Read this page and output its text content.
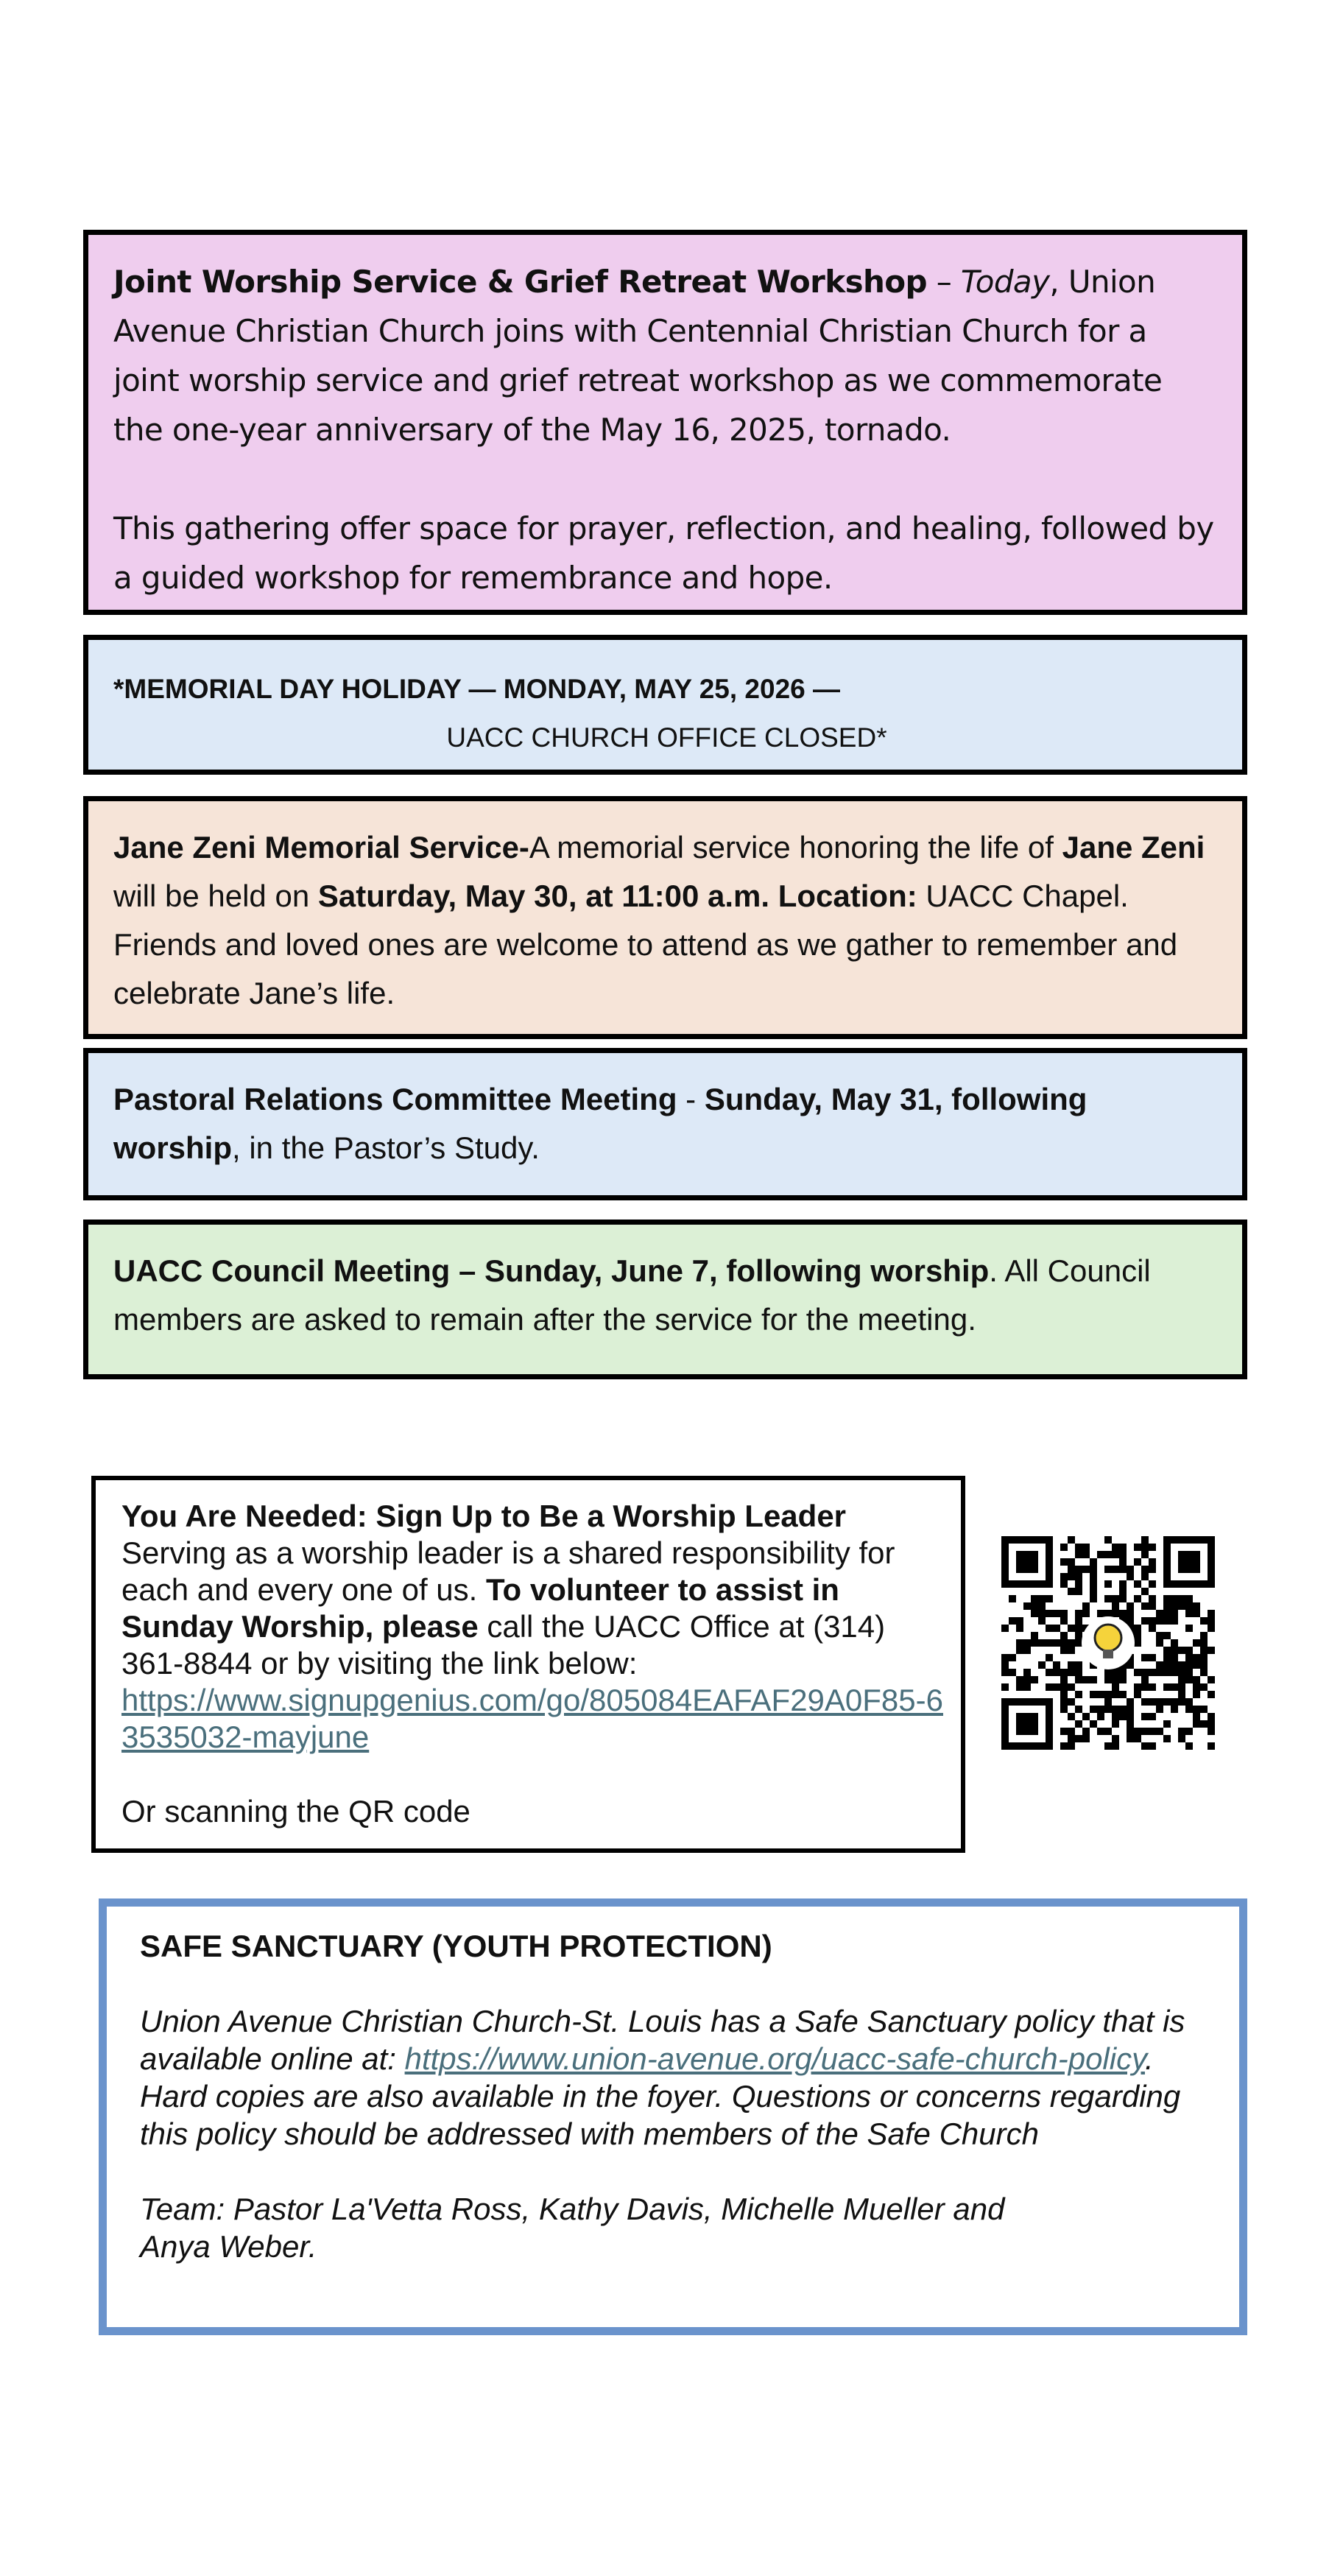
Joint Worship Service & Grief Retreat Workshop – Today, Union Avenue Christian Church joins with Centennial Christian Church for a joint worship service and grief retreat workshop as we commemorate the one-year anniversary of the May 16, 2025, tornado.

This gathering offer space for prayer, reflection, and healing, followed by a guided workshop for remembrance and hope.

*MEMORIAL DAY HOLIDAY — MONDAY, MAY 25, 2026 —

UACC CHURCH OFFICE CLOSED*

Jane Zeni Memorial Service-A memorial service honoring the life of Jane Zeni will be held on Saturday, May 30, at 11:00 a.m. Location: UACC Chapel. Friends and loved ones are welcome to attend as we gather to remember and celebrate Jane’s life.

Pastoral Relations Committee Meeting - Sunday, May 31, following worship, in the Pastor’s Study.

UACC Council Meeting – Sunday, June 7, following worship. All Council members are asked to remain after the service for the meeting.

You Are Needed: Sign Up to Be a Worship Leader

Serving as a worship leader is a shared responsibility for each and every one of us. To volunteer to assist in Sunday Worship, please call the UACC Office at (314) 361-8844 or by visiting the link below:

https://www.signupgenius.com/go/805084EAFAF29A0F85-63535032-mayjune

Or scanning the QR code

SAFE SANCTUARY (YOUTH PROTECTION)

Union Avenue Christian Church-St. Louis has a Safe Sanctuary policy that is available online at: https://www.union-avenue.org/uacc-safe-church-policy. Hard copies are also available in the foyer. Questions or concerns regarding this policy should be addressed with members of the Safe Church

Team: Pastor La'Vetta Ross, Kathy Davis, Michelle Mueller and Anya Weber.
